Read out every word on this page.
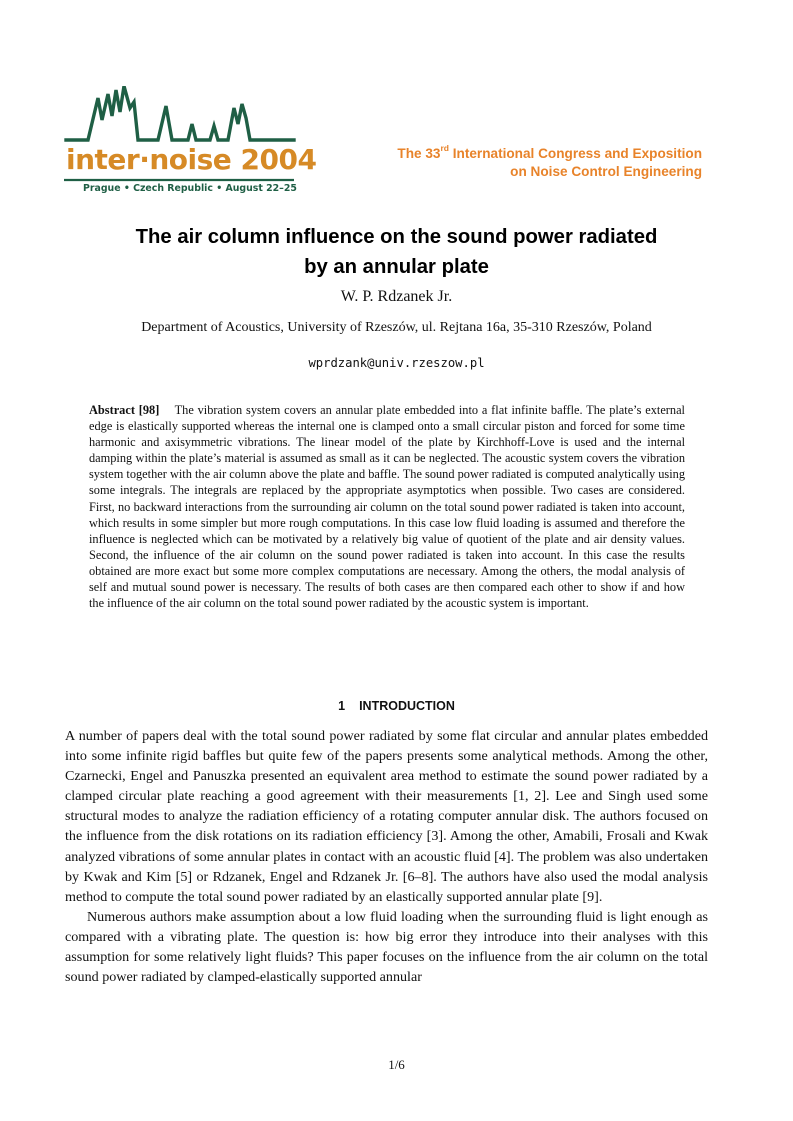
inter·noise 2004
Prague • Czech Republic • August 22–25
The 33rd International Congress and Exposition
on Noise Control Engineering
The air column influence on the sound power radiated
by an annular plate
W. P. Rdzanek Jr.
Department of Acoustics, University of Rzeszów, ul. Rejtana 16a, 35-310 Rzeszów, Poland
wprdzank@univ.rzeszow.pl
Abstract [98] The vibration system covers an annular plate embedded into a flat infinite baffle. The plate’s external edge is elastically supported whereas the internal one is clamped onto a small circular piston and forced for some time harmonic and axisymmetric vibrations. The linear model of the plate by Kirchhoff-Love is used and the internal damping within the plate’s material is assumed as small as it can be neglected. The acoustic system covers the vibration system together with the air column above the plate and baffle. The sound power radiated is computed analytically using some integrals. The integrals are replaced by the appropriate asymptotics when possible. Two cases are considered. First, no backward interactions from the surrounding air column on the total sound power radiated is taken into account, which results in some simpler but more rough computations. In this case low fluid loading is assumed and therefore the influence is neglected which can be motivated by a relatively big value of quotient of the plate and air density values. Second, the influence of the air column on the sound power radiated is taken into account. In this case the results obtained are more exact but some more complex computations are necessary. Among the others, the modal analysis of self and mutual sound power is necessary. The results of both cases are then compared each other to show if and how the influence of the air column on the total sound power radiated by the acoustic system is important.
1 INTRODUCTION

A number of papers deal with the total sound power radiated by some flat circular and annular plates embedded into some infinite rigid baffles but quite few of the papers presents some analytical methods. Among the other, Czarnecki, Engel and Panuszka presented an equivalent area method to estimate the sound power radiated by a clamped circular plate reaching a good agreement with their measurements [1, 2]. Lee and Singh used some structural modes to analyze the radiation efficiency of a rotating computer annular disk. The authors focused on the influence from the disk rotations on its radiation efficiency [3]. Among the other, Amabili, Frosali and Kwak analyzed vibrations of some annular plates in contact with an acoustic fluid [4]. The problem was also undertaken by Kwak and Kim [5] or Rdzanek, Engel and Rdzanek Jr. [6–8]. The authors have also used the modal analysis method to compute the total sound power radiated by an elastically supported annular plate [9].

Numerous authors make assumption about a low fluid loading when the surrounding fluid is light enough as compared with a vibrating plate. The question is: how big error they introduce into their analyses with this assumption for some relatively light fluids? This paper focuses on the influence from the air column on the total sound power radiated by clamped-elastically supported annular

1/6
